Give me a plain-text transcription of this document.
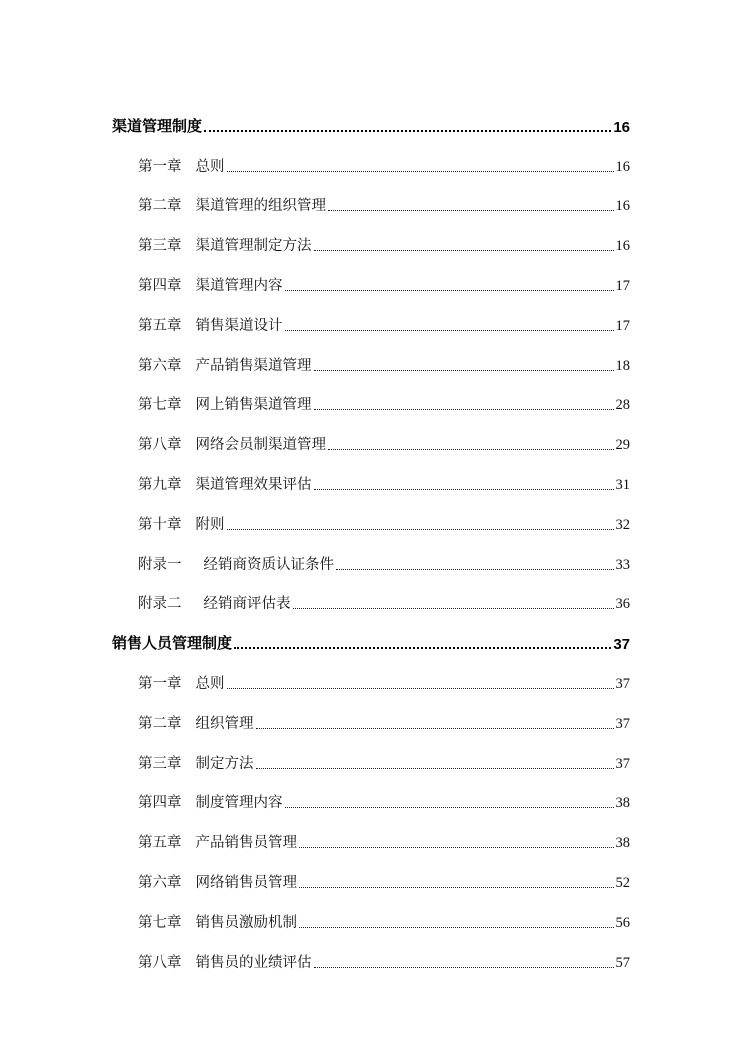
渠道管理制度	16
第一章 总则	16
第二章 渠道管理的组织管理	16
第三章 渠道管理制定方法	16
第四章 渠道管理内容	17
第五章 销售渠道设计	17
第六章 产品销售渠道管理	18
第七章 网上销售渠道管理	28
第八章 网络会员制渠道管理	29
第九章 渠道管理效果评估	31
第十章 附则	32
附录一 经销商资质认证条件	33
附录二 经销商评估表	36
销售人员管理制度	37
第一章 总则	37
第二章 组织管理	37
第三章 制定方法	37
第四章 制度管理内容	38
第五章 产品销售员管理	38
第六章 网络销售员管理	52
第七章 销售员激励机制	56
第八章 销售员的业绩评估	57
